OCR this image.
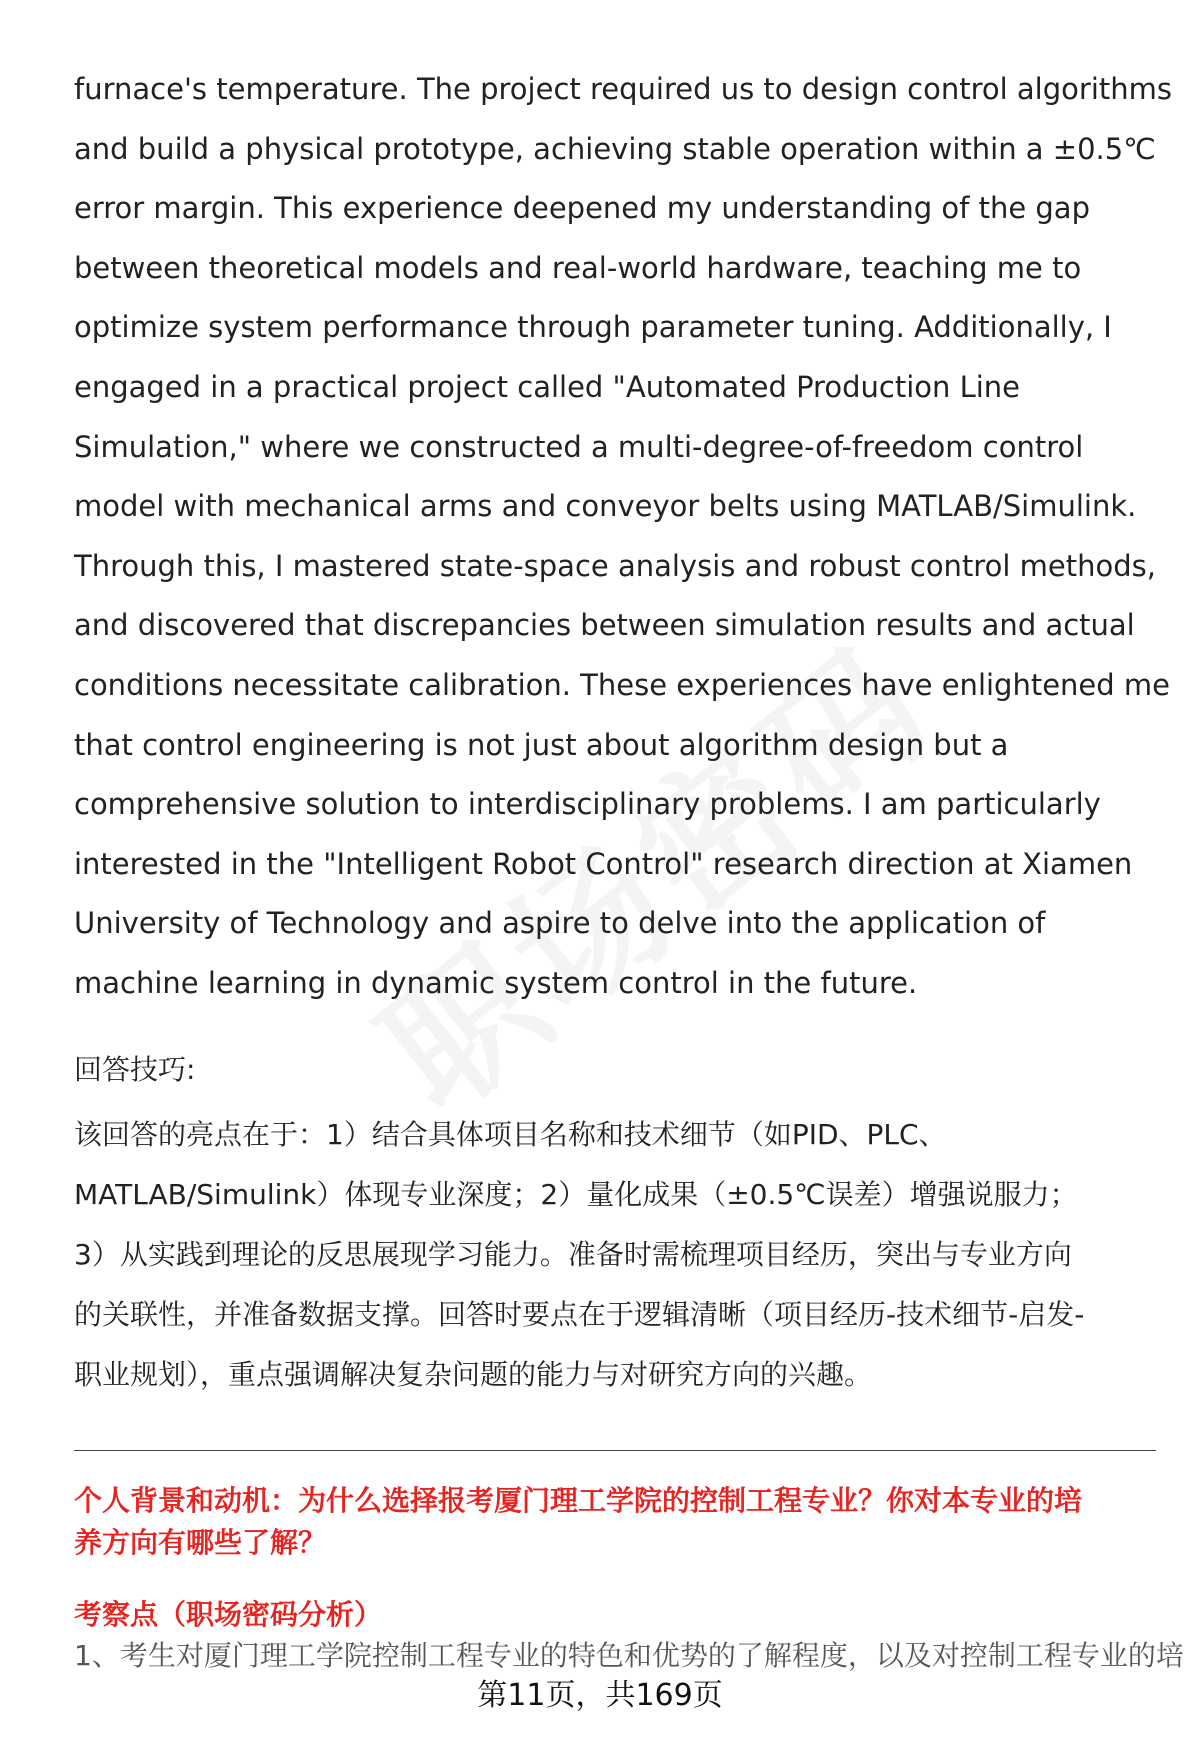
furnace's temperature. The project required us to design control algorithms
and build a physical prototype, achieving stable operation within a ±0.5℃
error margin. This experience deepened my understanding of the gap
between theoretical models and real-world hardware, teaching me to
optimize system performance through parameter tuning. Additionally, I
engaged in a practical project called "Automated Production Line
Simulation," where we constructed a multi-degree-of-freedom control
model with mechanical arms and conveyor belts using MATLAB/Simulink.
Through this, I mastered state-space analysis and robust control methods,
and discovered that discrepancies between simulation results and actual
conditions necessitate calibration. These experiences have enlightened me
that control engineering is not just about algorithm design but a
comprehensive solution to interdisciplinary problems. I am particularly
interested in the "Intelligent Robot Control" research direction at Xiamen
University of Technology and aspire to delve into the application of
machine learning in dynamic system control in the future.
回答技巧:
该回答的亮点在于：1）结合具体项目名称和技术细节（如PID、PLC、
MATLAB/Simulink）体现专业深度；2）量化成果（±0.5℃误差）增强说服力；
3）从实践到理论的反思展现学习能力。准备时需梳理项目经历，突出与专业方向
的关联性，并准备数据支撑。回答时要点在于逻辑清晰（项目经历-技术细节-启发-
职业规划），重点强调解决复杂问题的能力与对研究方向的兴趣。
个人背景和动机：为什么选择报考厦门理工学院的控制工程专业？你对本专业的培
养方向有哪些了解？
考察点（职场密码分析）
1、考生对厦门理工学院控制工程专业的特色和优势的了解程度，以及对控制工程专业的培
第11页，共169页
